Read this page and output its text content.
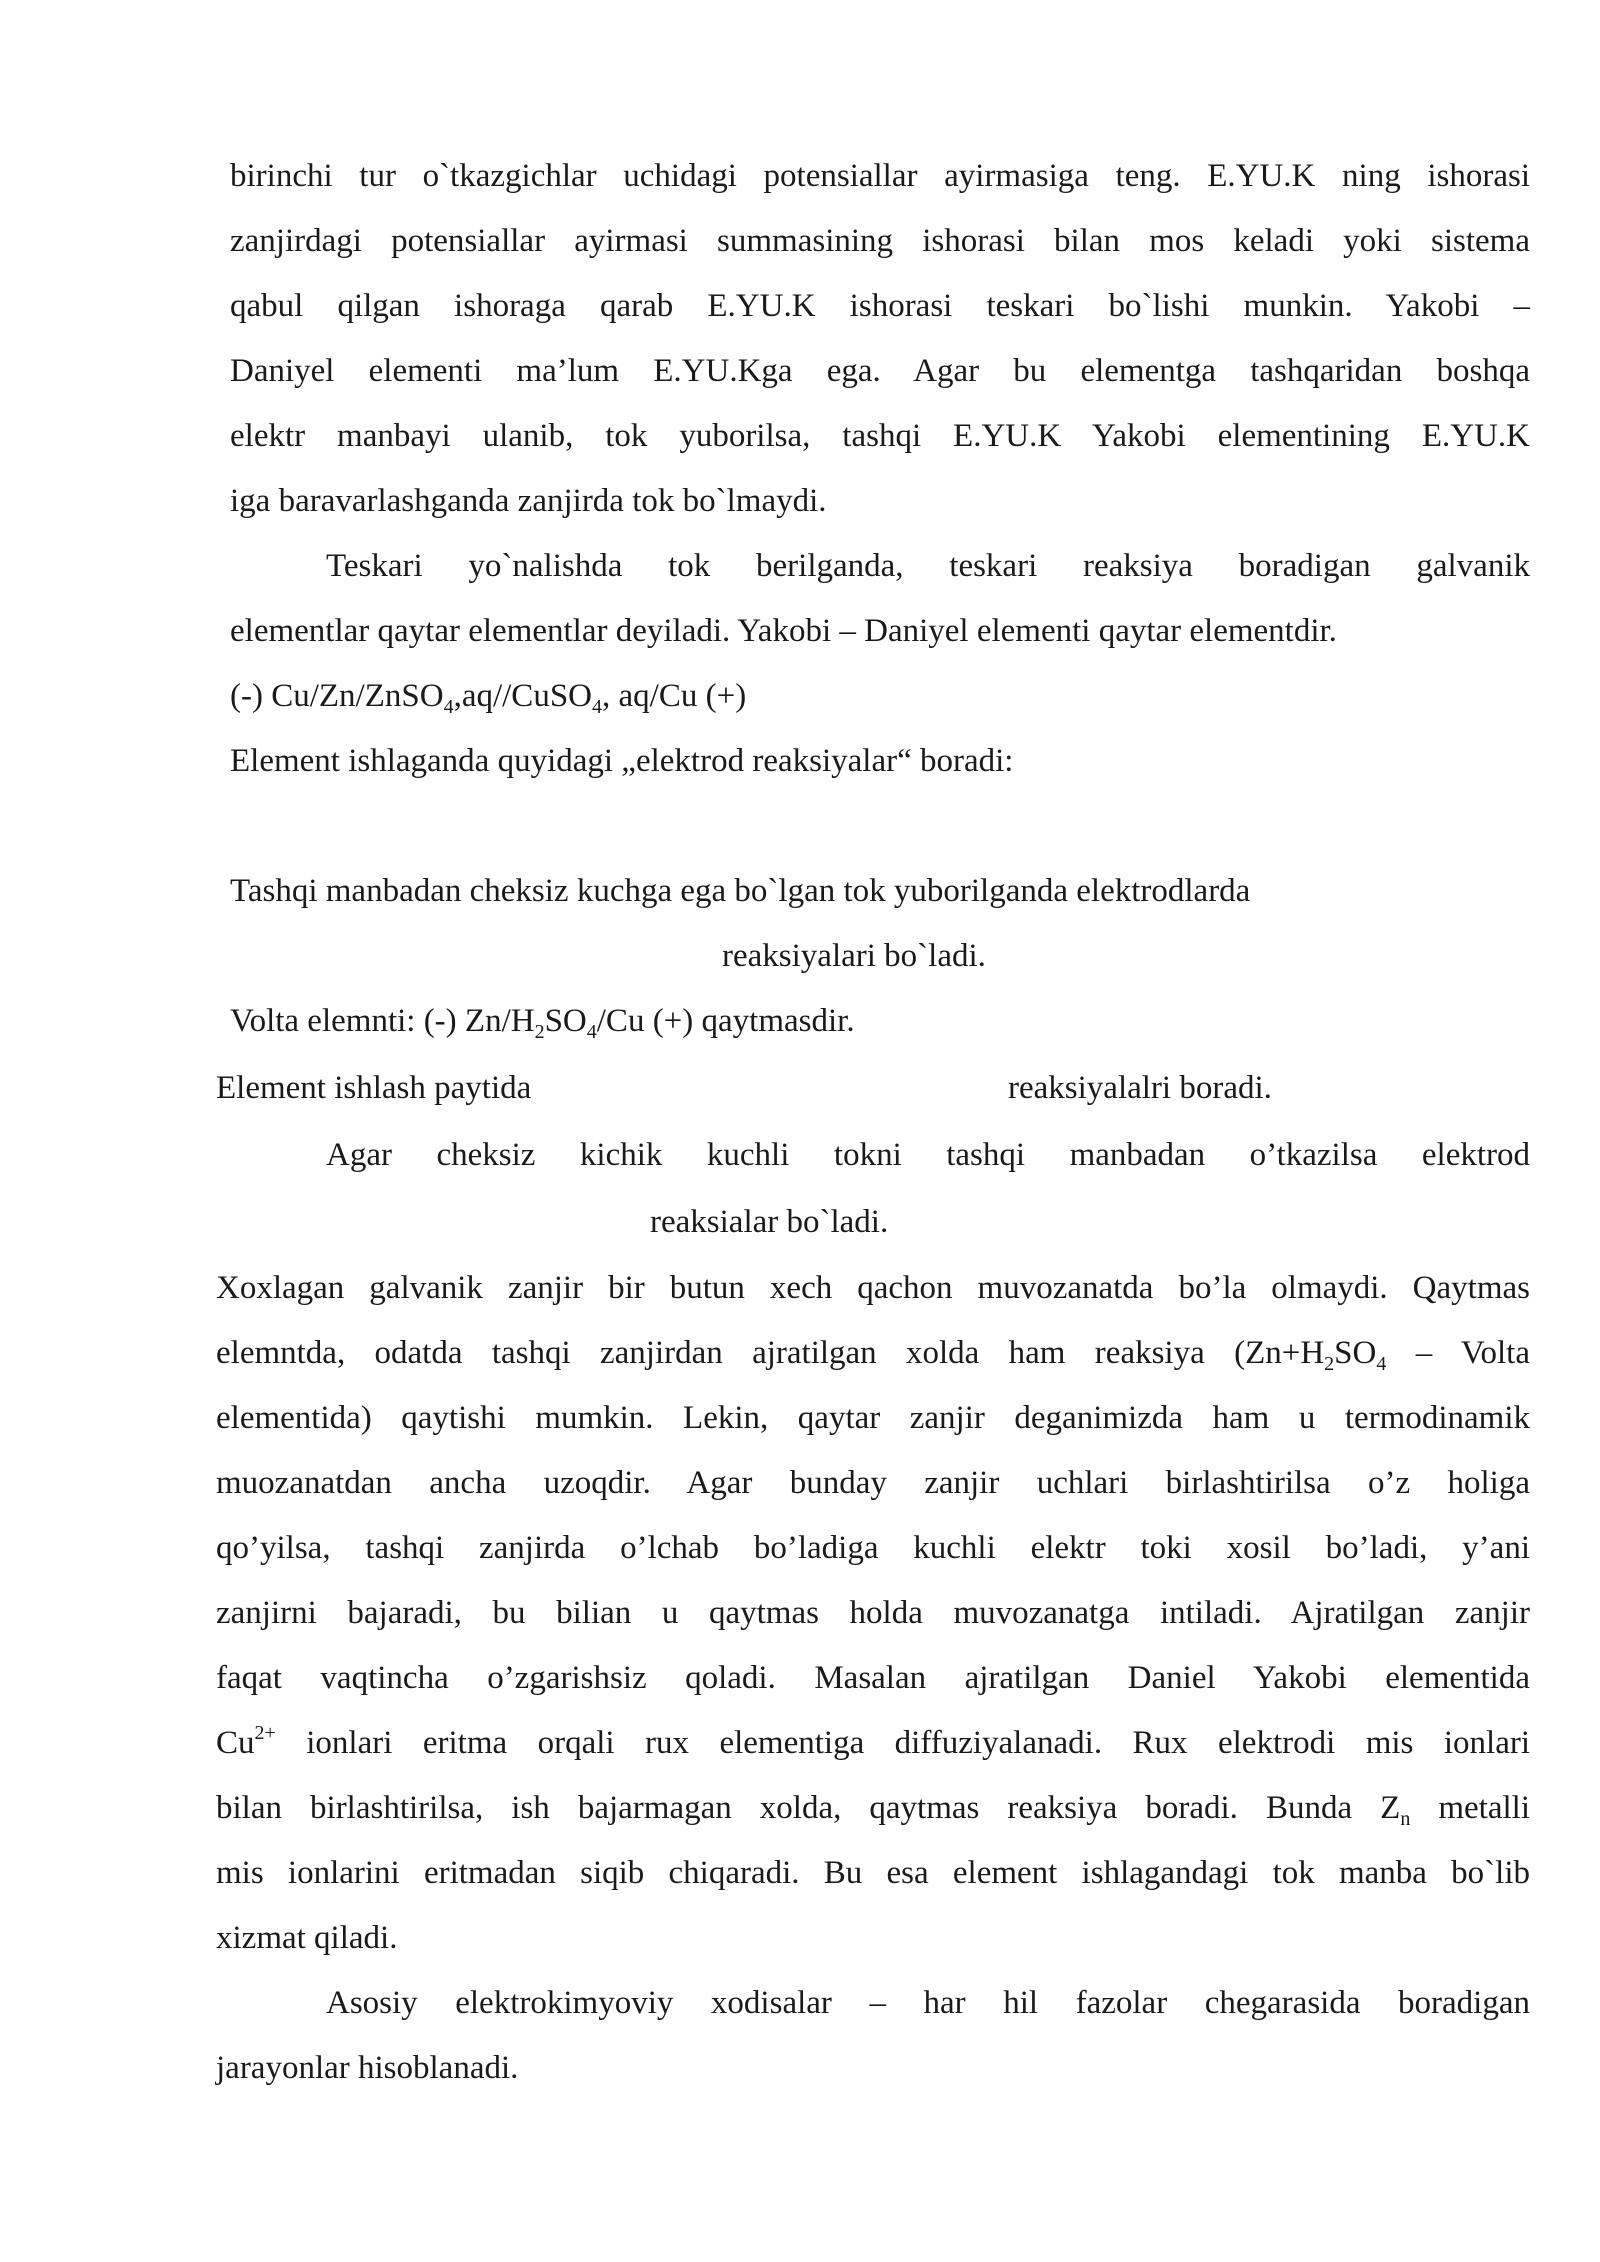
birinchi tur o`tkazgichlar uchidagi potensiallar ayirmasiga teng. E.YU.K ning ishorasi
zanjirdagi potensiallar ayirmasi summasining ishorasi bilan mos keladi yoki sistema
qabul qilgan ishoraga qarab E.YU.K ishorasi teskari bo`lishi munkin. Yakobi –
Daniyel elementi ma’lum E.YU.Kga ega. Agar bu elementga tashqaridan boshqa
elektr manbayi ulanib, tok yuborilsa, tashqi E.YU.K Yakobi elementining E.YU.K
iga baravarlashganda zanjirda tok bo`lmaydi.
Teskari yo`nalishda tok berilganda, teskari reaksiya boradigan galvanik
elementlar qaytar elementlar deyiladi. Yakobi – Daniyel elementi qaytar elementdir.
(-) Cu/Zn/ZnSO$_4$,aq//CuSO$_4$, aq/Cu (+)
Element ishlaganda quyidagi „elektrod reaksiyalar“ boradi:
Tashqi manbadan cheksiz kuchga ega bo`lgan tok yuborilganda elektrodlarda
reaksiyalari bo`ladi.
Volta elemnti: (-) $Zn/H_2SO_4/Cu$ (+) qaytmasdir.
Element ishlash paytida	reaksiyalalri boradi.
Agar cheksiz kichik kuchli tokni tashqi manbadan o’tkazilsa elektrod
reaksialar bo`ladi.
Xoxlagan galvanik zanjir bir butun xech qachon muvozanatda bo’la olmaydi. Qaytmas
elemntda, odatda tashqi zanjirdan ajratilgan xolda ham reaksiya ($Zn+H_2SO_4$ – Volta
elementida) qaytishi mumkin. Lekin, qaytar zanjir deganimizda ham u termodinamik
muozanatdan ancha uzoqdir. Agar bunday zanjir uchlari birlashtirilsa o’z holiga
qo’yilsa, tashqi zanjirda o’lchab bo’ladiga kuchli elektr toki xosil bo’ladi, y’ani
zanjirni bajaradi, bu bilian u qaytmas holda muvozanatga intiladi. Ajratilgan zanjir
faqat vaqtincha o’zgarishsiz qoladi. Masalan ajratilgan Daniel Yakobi elementida
$Cu^{2+}$ ionlari eritma orqali rux elementiga diffuziyalanadi. Rux elektrodi mis ionlari
bilan birlashtirilsa, ish bajarmagan xolda, qaytmas reaksiya boradi. Bunda $Z_n$ metalli
mis ionlarini eritmadan siqib chiqaradi. Bu esa element ishlagandagi tok manba bo`lib
xizmat qiladi.
Asosiy elektrokimyoviy xodisalar – har hil fazolar chegarasida boradigan
jarayonlar hisoblanadi.
